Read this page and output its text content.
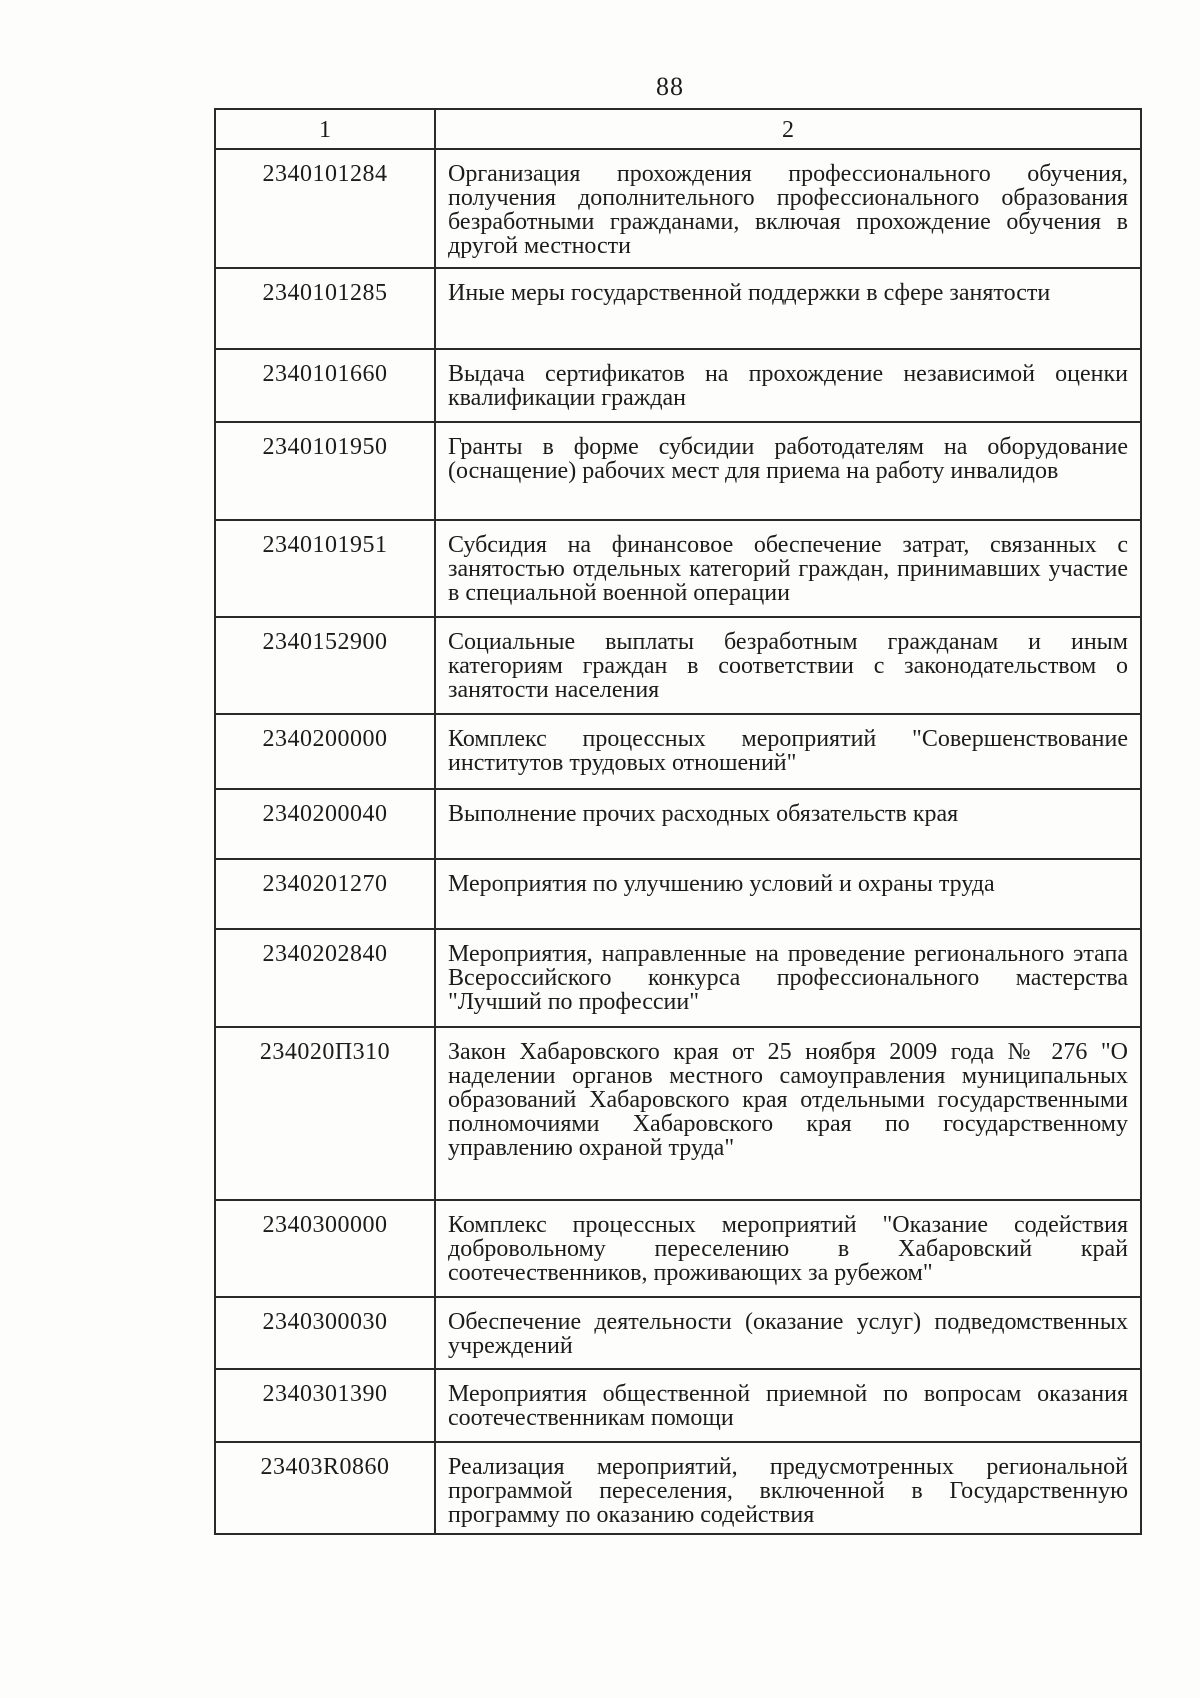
88
1	2
2340101284	Организация прохождения профессионального обучения, получения дополнительного профессионального образования безработными гражданами, включая прохождение обучения в другой местности
2340101285	Иные меры государственной поддержки в сфере занятости
2340101660	Выдача сертификатов на прохождение независимой оценки квалификации граждан
2340101950	Гранты в форме субсидии работодателям на оборудование (оснащение) рабочих мест для приема на работу инвалидов
2340101951	Субсидия на финансовое обеспечение затрат, связанных с занятостью отдельных категорий граждан, принимавших участие в специальной военной операции
2340152900	Социальные выплаты безработным гражданам и иным категориям граждан в соответствии с законодательством о занятости населения
2340200000	Комплекс процессных мероприятий "Совершенствование институтов трудовых отношений"
2340200040	Выполнение прочих расходных обязательств края
2340201270	Мероприятия по улучшению условий и охраны труда
2340202840	Мероприятия, направленные на проведение регионального этапа Всероссийского конкурса профессионального мастерства "Лучший по профессии"
234020П310	Закон Хабаровского края от 25 ноября 2009 года № 276 "О наделении органов местного самоуправления муниципальных образований Хабаровского края отдельными государственными полномочиями Хабаровского края по государственному управлению охраной труда"
2340300000	Комплекс процессных мероприятий "Оказание содействия добровольному переселению в Хабаровский край соотечественников, проживающих за рубежом"
2340300030	Обеспечение деятельности (оказание услуг) подведомственных учреждений
2340301390	Мероприятия общественной приемной по вопросам оказания соотечественникам помощи
23403R0860	Реализация мероприятий, предусмотренных региональной программой переселения, включенной в Государственную программу по оказанию содействия
